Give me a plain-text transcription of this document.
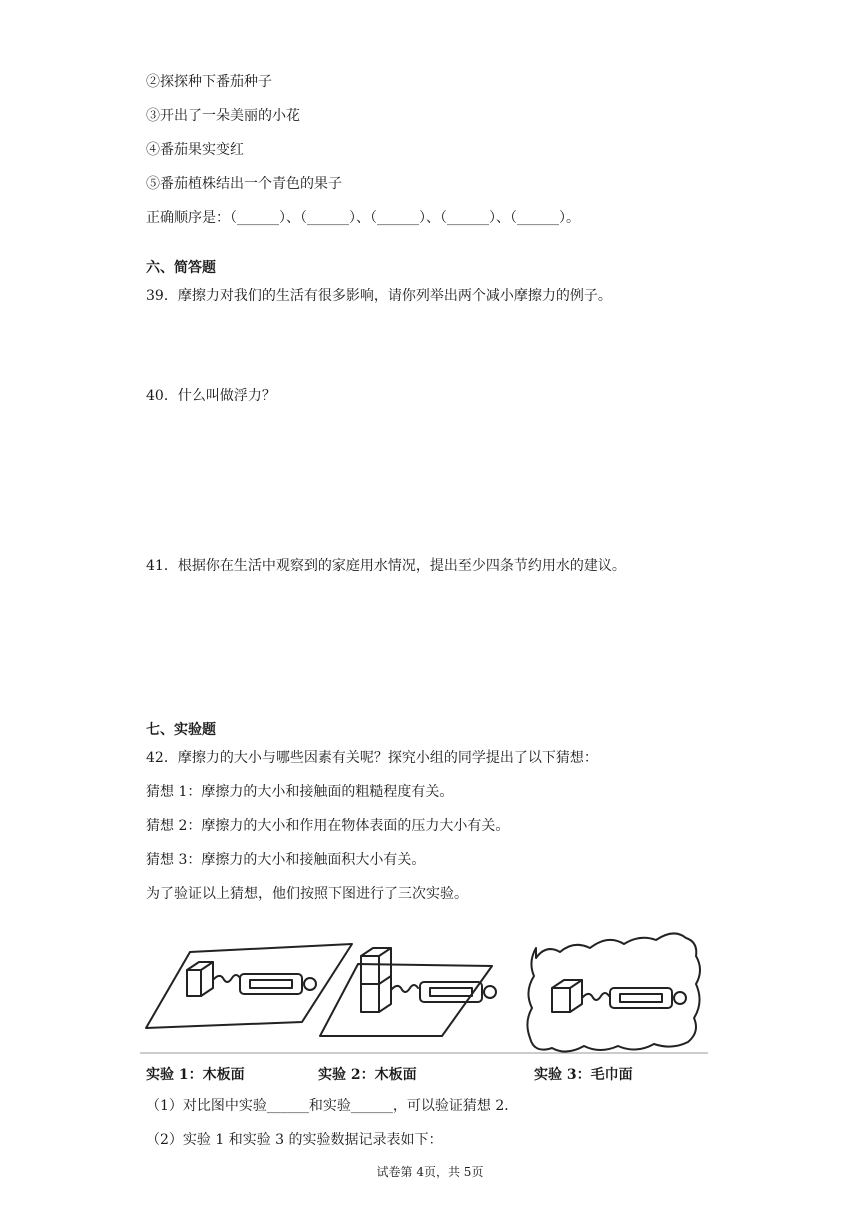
②探探种下番茄种子
③开出了一朵美丽的小花
④番茄果实变红
⑤番茄植株结出一个青色的果子
正确顺序是：（______）、（______）、（______）、（______）、（______）。
六、简答题
39．摩擦力对我们的生活有很多影响，请你列举出两个减小摩擦力的例子。
40．什么叫做浮力？
41．根据你在生活中观察到的家庭用水情况，提出至少四条节约用水的建议。
七、实验题
42．摩擦力的大小与哪些因素有关呢？探究小组的同学提出了以下猜想：
猜想 1：摩擦力的大小和接触面的粗糙程度有关。
猜想 2：摩擦力的大小和作用在物体表面的压力大小有关。
猜想 3：摩擦力的大小和接触面积大小有关。
为了验证以上猜想，他们按照下图进行了三次实验。
实验 1：木板面	实验 2：木板面	实验 3：毛巾面
（1）对比图中实验______和实验______，可以验证猜想 2．
（2）实验 1 和实验 3 的实验数据记录表如下：
试卷第 4页，共 5页
